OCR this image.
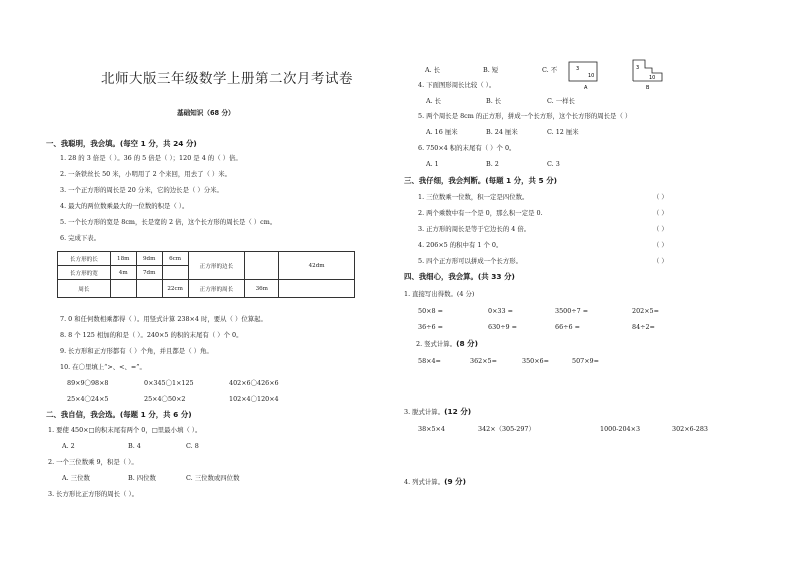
北师大版三年级数学上册第二次月考试卷
基础知识（68 分）
一、我聪明，我会填。(每空 1 分，共 24 分)
1. 28 的 3 倍是（ ）。36 的 5 倍是（ ）；120 是 4 的（ ）倍。
2. 一条铁丝长 50 米，小明用了 2 个来回，用去了（ ）米。
3. 一个正方形的周长是 20 分米，它的边长是（ ）分米。
4. 最大的两位数乘最大的一位数的积是（ ）。
5. 一个长方形的宽是 8cm，长是宽的 2 倍，这个长方形的周长是（ ）cm。
6. 完成下表。
长方形的长	18m	9dm	6cm	正方形的边长		42dm
长方形的宽	4m	7dm				
周长			22cm	正方形的周长	36m	
7. 0 和任何数相乘都得（ ）。用竖式计算 238×4 时，要从（ ）位算起。
8. 8 个 125 相加的和是（ ）。240×5 的积的末尾有（ ）个 0。
9. 长方形和正方形都有（ ）个角，并且都是（ ）角。
10. 在〇里填上“>、<、=”。
89×9〇98×8	0×345〇1×125	402×6〇426×6
25×4〇24×5	25×4〇50×2	102×4〇120×4
二、我自信，我会选。(每题 1 分，共 6 分)
1. 要使 450×□的积末尾有两个 0，□里最小填（ ）。
A. 2	B. 4	C. 8
2. 一个三位数乘 9，积是（ ）。
A. 三位数	B. 四位数	C. 三位数或四位数
3. 长方形比正方形的周长（ ）。
A. 长	B. 短	C. 不
10
3
A
10
3
B
4. 下面图形周长比较（ ）。
A. 长	B. 长	C. 一样长
5. 两个周长是 8cm 的正方形，拼成一个长方形，这个长方形的周长是（ ）
A. 16 厘米	B. 24 厘米	C. 12 厘米
6. 750×4 积的末尾有（ ）个 0。
A. 1	B. 2	C. 3
三、我仔细，我会判断。(每题 1 分，共 5 分)
1. 三位数乘一位数，积一定是四位数。
2. 两个乘数中有一个是 0，那么积一定是 0.
3. 正方形的周长是等于它边长的 4 倍。
4. 206×5 的积中有 1 个 0。
5. 四个正方形可以拼成一个长方形。
（ ）
（ ）
（ ）
（ ）
（ ）
四、我细心，我会算。(共 33 分)
1. 直接写出得数。(4 分)
50×8 =	0×33 =	3500÷7 =	202×5=
36÷6 =	630÷9 =	66÷6 =	84÷2=
2. 竖式计算。(8 分)
58×4=	362×5=	350×6=	507×9=
3. 脱式计算。(12 分)
38×5×4	342×（305-297）	1000-204×3	302×6-283
4. 列式计算。(9 分)
